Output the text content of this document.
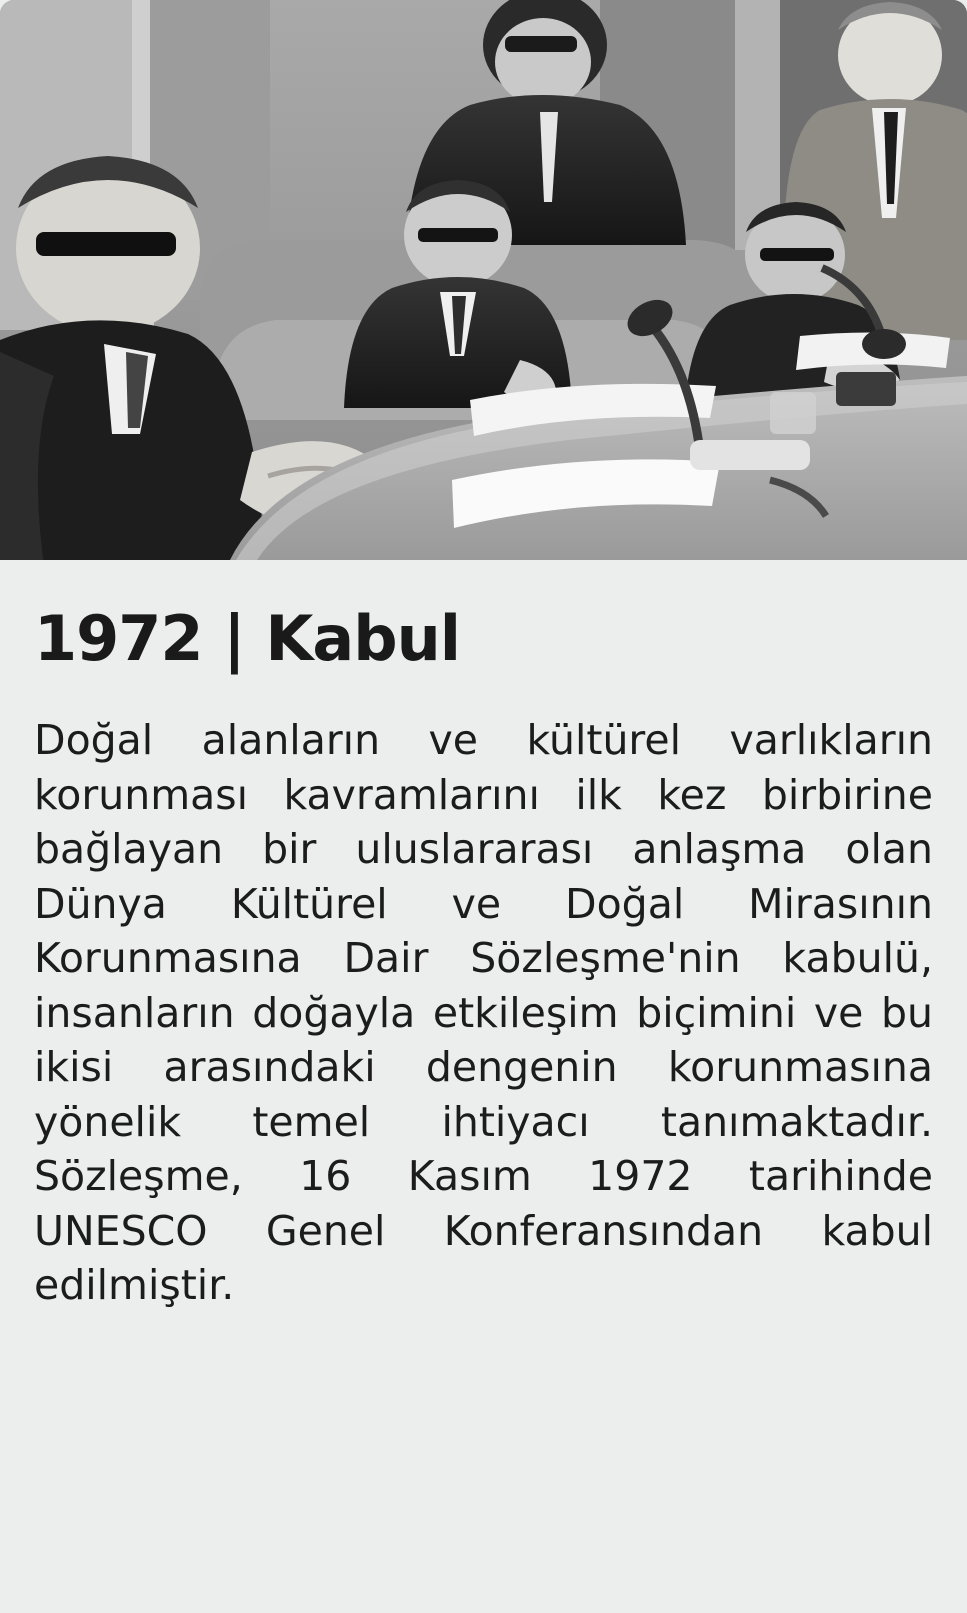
1972 | Kabul

Doğal alanların ve kültürel varlıkların korunması kavramlarını ilk kez birbirine bağlayan bir uluslararası anlaşma olan Dünya Kültürel ve Doğal Mirasının Korunmasına Dair Sözleşme'nin kabulü, insanların doğayla etkileşim biçimini ve bu ikisi arasındaki dengenin korunmasına yönelik temel ihtiyacı tanımaktadır. Sözleşme, 16 Kasım 1972 tarihinde UNESCO Genel Konferansından kabul edilmiştir.
